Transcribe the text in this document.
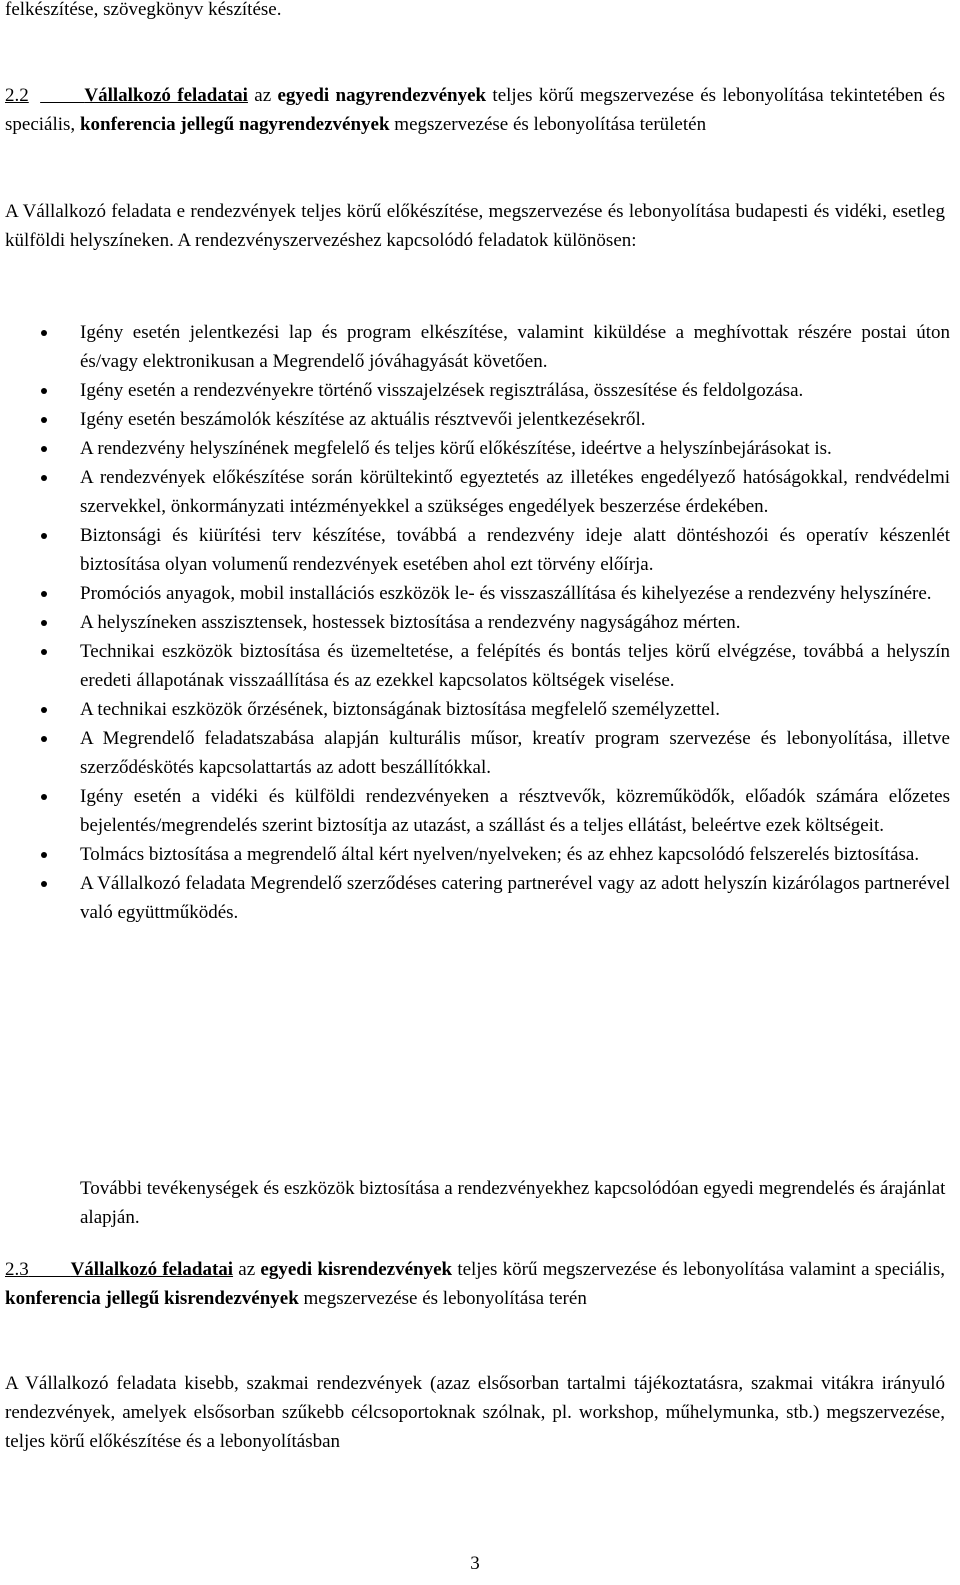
felkészítése, szövegkönyv készítése.

2.2	Vállalkozó feladatai az egyedi nagyrendezvények teljes körű megszervezése és lebonyolítása tekintetében és speciális, konferencia jellegű nagyrendezvények megszervezése és lebonyolítása területén

A Vállalkozó feladata e rendezvények teljes körű előkészítése, megszervezése és lebonyolítása budapesti és vidéki, esetleg külföldi helyszíneken. A rendezvényszervezéshez kapcsolódó feladatok különösen:

Igény esetén jelentkezési lap és program elkészítése, valamint kiküldése a meghívottak részére postai úton és/vagy elektronikusan a Megrendelő jóváhagyását követően.
Igény esetén a rendezvényekre történő visszajelzések regisztrálása, összesítése és feldolgozása.
Igény esetén beszámolók készítése az aktuális résztvevői jelentkezésekről.
A rendezvény helyszínének megfelelő és teljes körű előkészítése, ideértve a helyszínbejárásokat is.
A rendezvények előkészítése során körültekintő egyeztetés az illetékes engedélyező hatóságokkal, rendvédelmi szervekkel, önkormányzati intézményekkel a szükséges engedélyek beszerzése érdekében.
Biztonsági és kiürítési terv készítése, továbbá a rendezvény ideje alatt döntéshozói és operatív készenlét biztosítása olyan volumenű rendezvények esetében ahol ezt törvény előírja.
Promóciós anyagok, mobil installációs eszközök le- és visszaszállítása és kihelyezése a rendezvény helyszínére.
A helyszíneken asszisztensek, hostessek biztosítása a rendezvény nagyságához mérten.
Technikai eszközök biztosítása és üzemeltetése, a felépítés és bontás teljes körű elvégzése, továbbá a helyszín eredeti állapotának visszaállítása és az ezekkel kapcsolatos költségek viselése.
A technikai eszközök őrzésének, biztonságának biztosítása megfelelő személyzettel.
A Megrendelő feladatszabása alapján kulturális műsor, kreatív program szervezése és lebonyolítása, illetve szerződéskötés kapcsolattartás az adott beszállítókkal.
Igény esetén a vidéki és külföldi rendezvényeken a résztvevők, közreműködők, előadók számára előzetes bejelentés/megrendelés szerint biztosítja az utazást, a szállást és a teljes ellátást, beleértve ezek költségeit.
Tolmács biztosítása a megrendelő által kért nyelven/nyelveken; és az ehhez kapcsolódó felszerelés biztosítása.
A Vállalkozó feladata Megrendelő szerződéses catering partnerével vagy az adott helyszín kizárólagos partnerével való együttműködés.

További tevékenységek és eszközök biztosítása a rendezvényekhez kapcsolódóan egyedi megrendelés és árajánlat alapján.

2.3 Vállalkozó feladatai az egyedi kisrendezvények teljes körű megszervezése és lebonyolítása valamint a speciális, konferencia jellegű kisrendezvények megszervezése és lebonyolítása terén

A Vállalkozó feladata kisebb, szakmai rendezvények (azaz elsősorban tartalmi tájékoztatásra, szakmai vitákra irányuló rendezvények, amelyek elsősorban szűkebb célcsoportoknak szólnak, pl. workshop, műhelymunka, stb.) megszervezése, teljes körű előkészítése és a lebonyolításban

3
